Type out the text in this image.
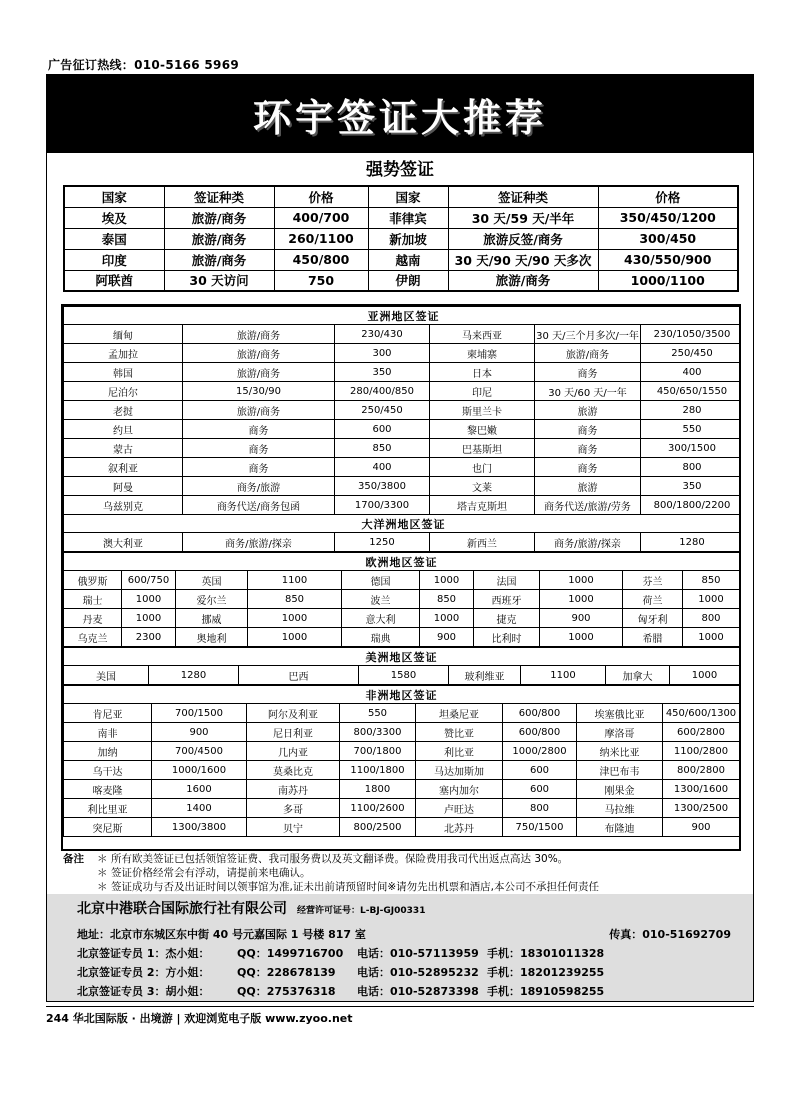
广告征订热线：010-5166 5969
环宇签证大推荐
强势签证
国家	签证种类	价格	国家	签证种类	价格
埃及	旅游/商务	400/700	菲律宾	30 天/59 天/半年	350/450/1200
泰国	旅游/商务	260/1100	新加坡	旅游反签/商务	300/450
印度	旅游/商务	450/800	越南	30 天/90 天/90 天多次	430/550/900
阿联酋	30 天访问	750	伊朗	旅游/商务	1000/1100
亚洲地区签证					
缅甸	旅游/商务	230/430	马来西亚	30 天/三个月多次/一年	230/1050/3500
孟加拉	旅游/商务	300	柬埔寨	旅游/商务	250/450
韩国	旅游/商务	350	日本	商务	400
尼泊尔	15/30/90	280/400/850	印尼	30 天/60 天/一年	450/650/1550
老挝	旅游/商务	250/450	斯里兰卡	旅游	280
约旦	商务	600	黎巴嫩	商务	550
蒙古	商务	850	巴基斯坦	商务	300/1500
叙利亚	商务	400	也门	商务	800
阿曼	商务/旅游	350/3800	文莱	旅游	350
乌兹别克	商务代送/商务包函	1700/3300	塔吉克斯坦	商务代送/旅游/劳务	800/1800/2200
大洋洲地区签证					
澳大利亚	商务/旅游/探亲	1250	新西兰	商务/旅游/探亲	1280
欧洲地区签证									
俄罗斯	600/750	英国	1100	德国	1000	法国	1000	芬兰	850
瑞士	1000	爱尔兰	850	波兰	850	西班牙	1000	荷兰	1000
丹麦	1000	挪威	1000	意大利	1000	捷克	900	匈牙利	800
乌克兰	2300	奥地利	1000	瑞典	900	比利时	1000	希腊	1000
美洲地区签证
美国	1280	巴西	1580	玻利维亚	1100	加拿大	1000
非洲地区签证							
肯尼亚	700/1500	阿尔及利亚	550	坦桑尼亚	600/800	埃塞俄比亚	450/600/1300
南非	900	尼日利亚	800/3300	赞比亚	600/800	摩洛哥	600/2800
加纳	700/4500	几内亚	700/1800	利比亚	1000/2800	纳米比亚	1100/2800
乌干达	1000/1600	莫桑比克	1100/1800	马达加斯加	600	津巴布韦	800/2800
喀麦隆	1600	南苏丹	1800	塞内加尔	600	刚果金	1300/1600
利比里亚	1400	多哥	1100/2600	卢旺达	800	马拉维	1300/2500
突尼斯	1300/3800	贝宁	800/2500	北苏丹	750/1500	布隆迪	900
备注	＊ 所有欧美签证已包括领馆签证费、我司服务费以及英文翻译费。保险费用我司代出返点高达 30%。
＊ 签证价格经常会有浮动，请提前来电确认。
＊ 签证成功与否及出证时间以领事馆为准,证未出前请预留时间※请勿先出机票和酒店,本公司不承担任何责任
北京中港联合国际旅行社有限公司 经营许可证号：L-BJ-GJ00331
地址：北京市东城区东中街 40 号元嘉国际 1 号楼 817 室	传真：010-51692709
北京签证专员 1：杰小姐：	QQ：1499716700	电话：010-57113959 手机：18301011328
北京签证专员 2：方小姐：	QQ：228678139	电话：010-52895232 手机：18201239255
北京签证专员 3：胡小姐：	QQ：275376318	电话：010-52873398 手机：18910598255
244 华北国际版 · 出境游 | 欢迎浏览电子版 www.zyoo.net
